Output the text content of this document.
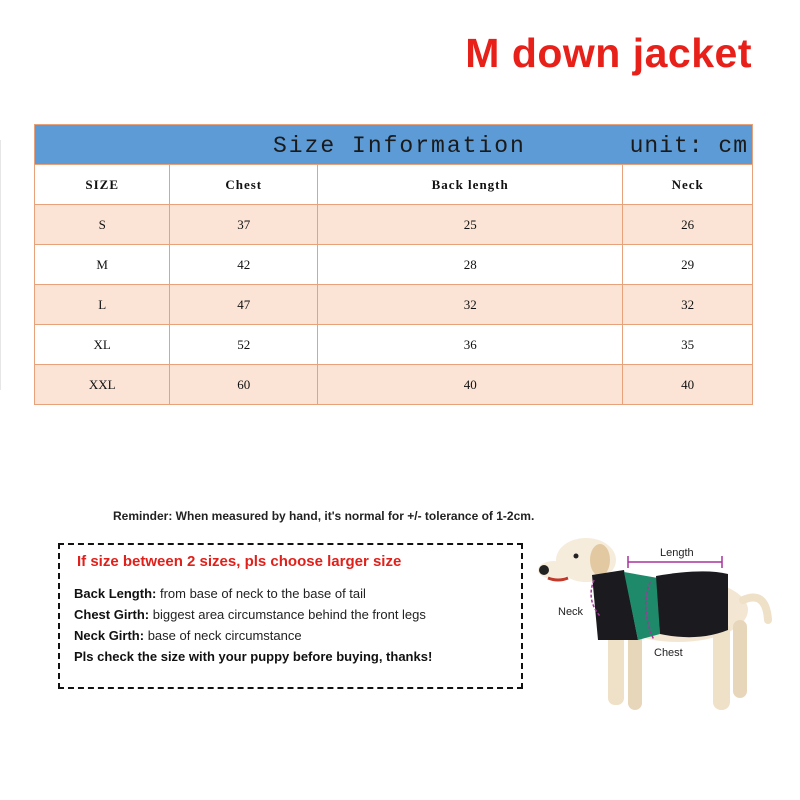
M down jacket
Size Information unit: cm			

SIZE	Chest	Back length	Neck
S	37	25	26
M	42	28	29
L	47	32	32
XL	52	36	35
XXL	60	40	40
Reminder: When measured by hand, it's normal for +/- tolerance of 1-2cm.
If size between 2 sizes, pls choose larger size
Back Length: from base of neck to the base of tail
Chest Girth: biggest area circumstance behind the front legs
Neck Girth: base of neck circumstance
Pls check the size with your puppy before buying, thanks!
Length
Neck
Chest
